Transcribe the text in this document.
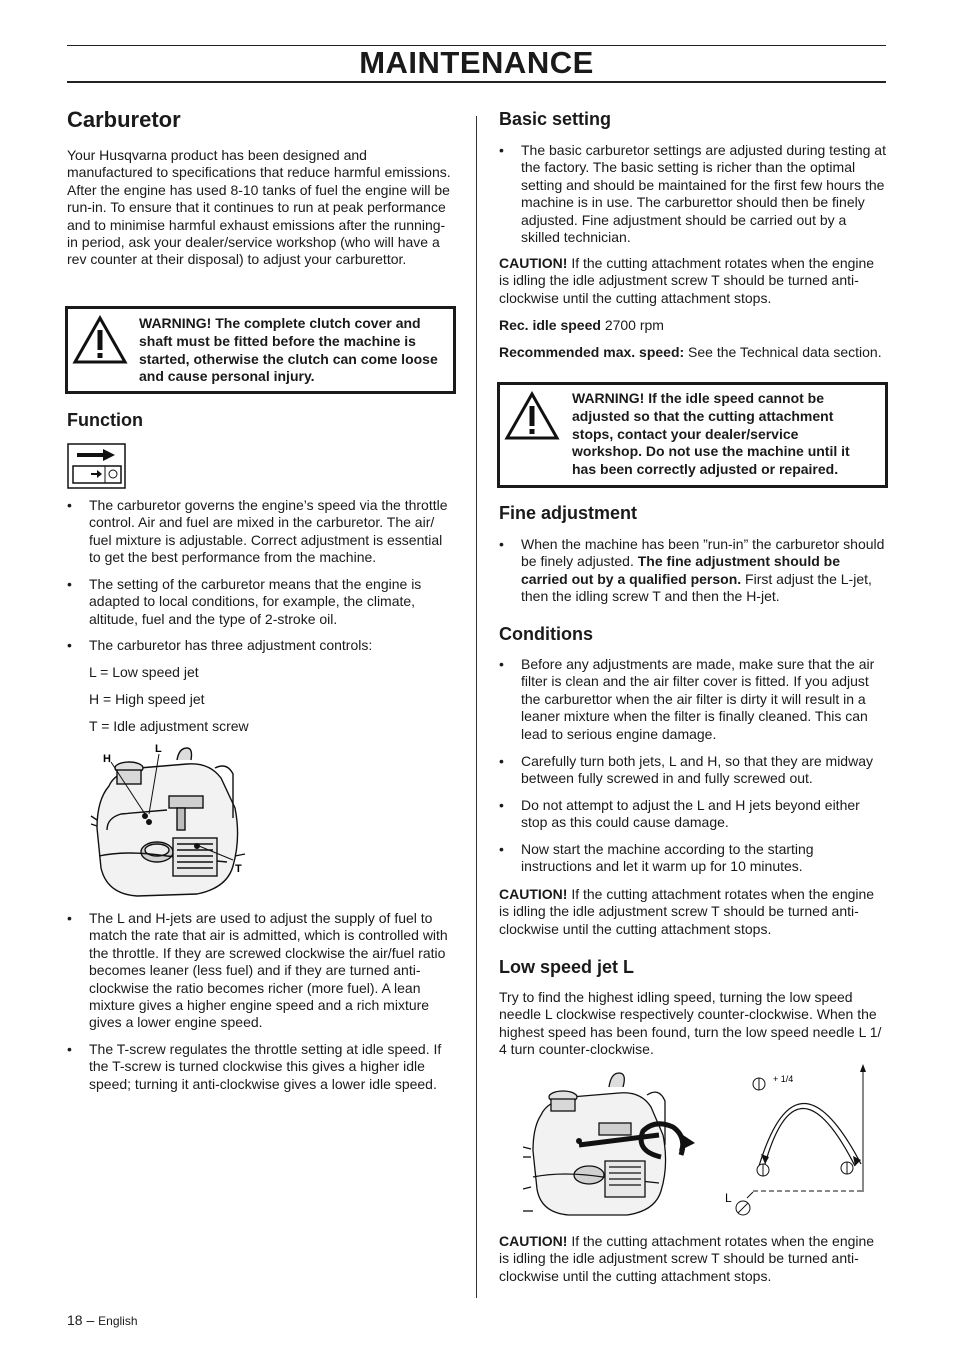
MAINTENANCE
Carburetor

Your Husqvarna product has been designed and manufactured to specifications that reduce harmful emissions. After the engine has used 8-10 tanks of fuel the engine will be run-in. To ensure that it continues to run at peak performance and to minimise harmful exhaust emissions after the running-in period, ask your dealer/service workshop (who will have a rev counter at their disposal) to adjust your carburettor.

WARNING! The complete clutch cover and shaft must be fitted before the machine is started, otherwise the clutch can come loose and cause personal injury.
Function
• The carburetor governs the engine’s speed via the throttle control. Air and fuel are mixed in the carburetor. The air/ fuel mixture is adjustable. Correct adjustment is essential to get the best performance from the machine.
• The setting of the carburetor means that the engine is adapted to local conditions, for example, the climate, altitude, fuel and the type of 2-stroke oil.
• The carburetor has three adjustment controls:

L = Low speed jet

H = High speed jet

T = Idle adjustment screw

H
L
T
• The L and H-jets are used to adjust the supply of fuel to match the rate that air is admitted, which is controlled with the throttle. If they are screwed clockwise the air/fuel ratio becomes leaner (less fuel) and if they are turned anti-clockwise the ratio becomes richer (more fuel). A lean mixture gives a higher engine speed and a rich mixture gives a lower engine speed.
• The T-screw regulates the throttle setting at idle speed. If the T-screw is turned clockwise this gives a higher idle speed; turning it anti-clockwise gives a lower idle speed.
Basic setting
• The basic carburetor settings are adjusted during testing at the factory. The basic setting is richer than the optimal setting and should be maintained for the first few hours the machine is in use. The carburettor should then be finely adjusted. Fine adjustment should be carried out by a skilled technician.

CAUTION! If the cutting attachment rotates when the engine is idling the idle adjustment screw T should be turned anti-clockwise until the cutting attachment stops.

Rec. idle speed 2700 rpm

Recommended max. speed: See the Technical data section.

WARNING! If the idle speed cannot be adjusted so that the cutting attachment stops, contact your dealer/service workshop. Do not use the machine until it has been correctly adjusted or repaired.
Fine adjustment
• When the machine has been ”run-in” the carburetor should be finely adjusted. The fine adjustment should be carried out by a qualified person. First adjust the L-jet, then the idling screw T and then the H-jet.
Conditions
• Before any adjustments are made, make sure that the air filter is clean and the air filter cover is fitted. If you adjust the carburettor when the air filter is dirty it will result in a leaner mixture when the filter is finally cleaned. This can lead to serious engine damage.
• Carefully turn both jets, L and H, so that they are midway between fully screwed in and fully screwed out.
• Do not attempt to adjust the L and H jets beyond either stop as this could cause damage.
• Now start the machine according to the starting instructions and let it warm up for 10 minutes.

CAUTION! If the cutting attachment rotates when the engine is idling the idle adjustment screw T should be turned anti-clockwise until the cutting attachment stops.

Low speed jet L

Try to find the highest idling speed, turning the low speed needle L clockwise respectively counter-clockwise. When the highest speed has been found, turn the low speed needle L 1/ 4 turn counter-clockwise.

+ 1/4
L

CAUTION! If the cutting attachment rotates when the engine is idling the idle adjustment screw T should be turned anti-clockwise until the cutting attachment stops.

18 – English
